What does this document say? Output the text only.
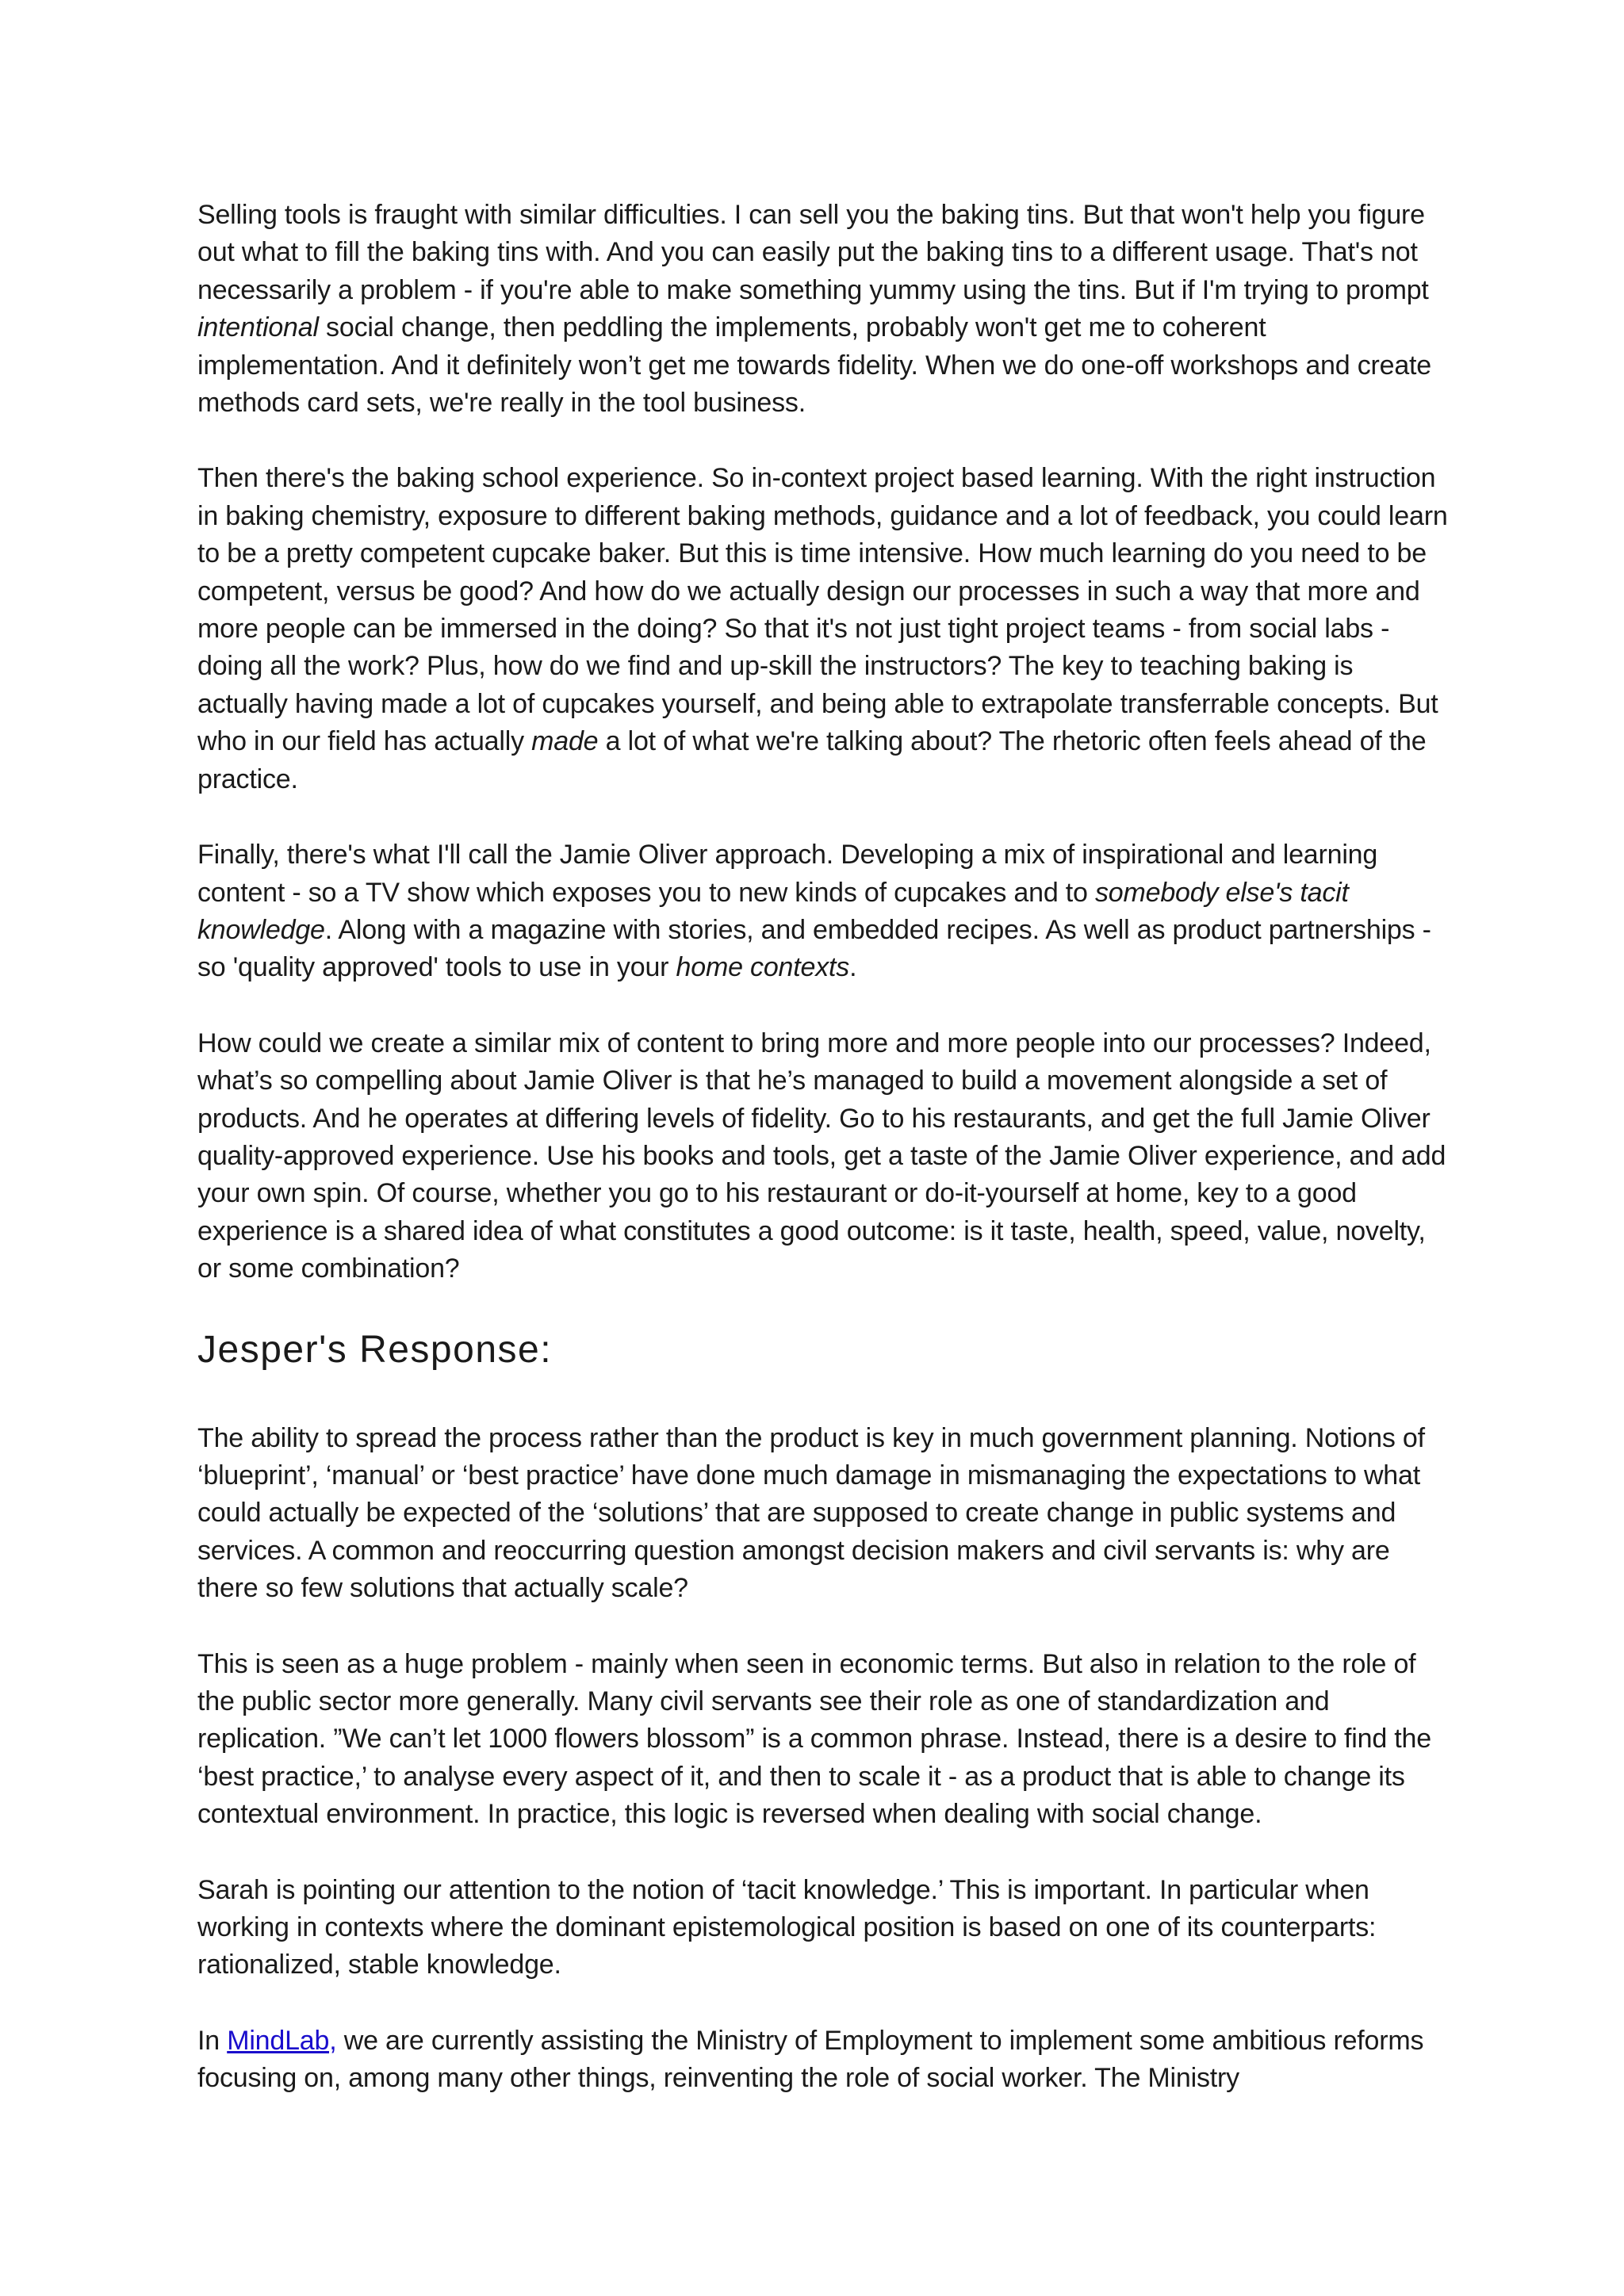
Selling tools is fraught with similar difficulties. I can sell you the baking tins. But that won't help you figure out what to fill the baking tins with. And you can easily put the baking tins to a different usage. That's not necessarily a problem - if you're able to make something yummy using the tins. But if I'm trying to prompt intentional social change, then peddling the implements, probably won't get me to coherent implementation. And it definitely won’t get me towards fidelity. When we do one-off workshops and create methods card sets, we're really in the tool business.

Then there's the baking school experience. So in-context project based learning. With the right instruction in baking chemistry, exposure to different baking methods, guidance and a lot of feedback, you could learn to be a pretty competent cupcake baker. But this is time intensive. How much learning do you need to be competent, versus be good? And how do we actually design our processes in such a way that more and more people can be immersed in the doing? So that it's not just tight project teams - from social labs - doing all the work? Plus, how do we find and up-skill the instructors? The key to teaching baking is actually having made a lot of cupcakes yourself, and being able to extrapolate transferrable concepts. But who in our field has actually made a lot of what we're talking about? The rhetoric often feels ahead of the practice.

Finally, there's what I'll call the Jamie Oliver approach. Developing a mix of inspirational and learning content - so a TV show which exposes you to new kinds of cupcakes and to somebody else's tacit knowledge. Along with a magazine with stories, and embedded recipes. As well as product partnerships - so 'quality approved' tools to use in your home contexts.

How could we create a similar mix of content to bring more and more people into our processes? Indeed, what’s so compelling about Jamie Oliver is that he’s managed to build a movement alongside a set of products. And he operates at differing levels of fidelity. Go to his restaurants, and get the full Jamie Oliver quality-approved experience. Use his books and tools, get a taste of the Jamie Oliver experience, and add your own spin. Of course, whether you go to his restaurant or do-it-yourself at home, key to a good experience is a shared idea of what constitutes a good outcome: is it taste, health, speed, value, novelty, or some combination?

Jesper's Response:

The ability to spread the process rather than the product is key in much government planning. Notions of ‘blueprint’, ‘manual’ or ‘best practice’ have done much damage in mismanaging the expectations to what could actually be expected of the ‘solutions’ that are supposed to create change in public systems and services. A common and reoccurring question amongst decision makers and civil servants is: why are there so few solutions that actually scale?

This is seen as a huge problem - mainly when seen in economic terms. But also in relation to the role of the public sector more generally. Many civil servants see their role as one of standardization and replication. ”We can’t let 1000 flowers blossom” is a common phrase. Instead, there is a desire to find the ‘best practice,’ to analyse every aspect of it, and then to scale it - as a product that is able to change its contextual environment. In practice, this logic is reversed when dealing with social change.

Sarah is pointing our attention to the notion of ‘tacit knowledge.’ This is important. In particular when working in contexts where the dominant epistemological position is based on one of its counterparts: rationalized, stable knowledge.

In MindLab, we are currently assisting the Ministry of Employment to implement some ambitious reforms focusing on, among many other things, reinventing the role of social worker. The Ministry
